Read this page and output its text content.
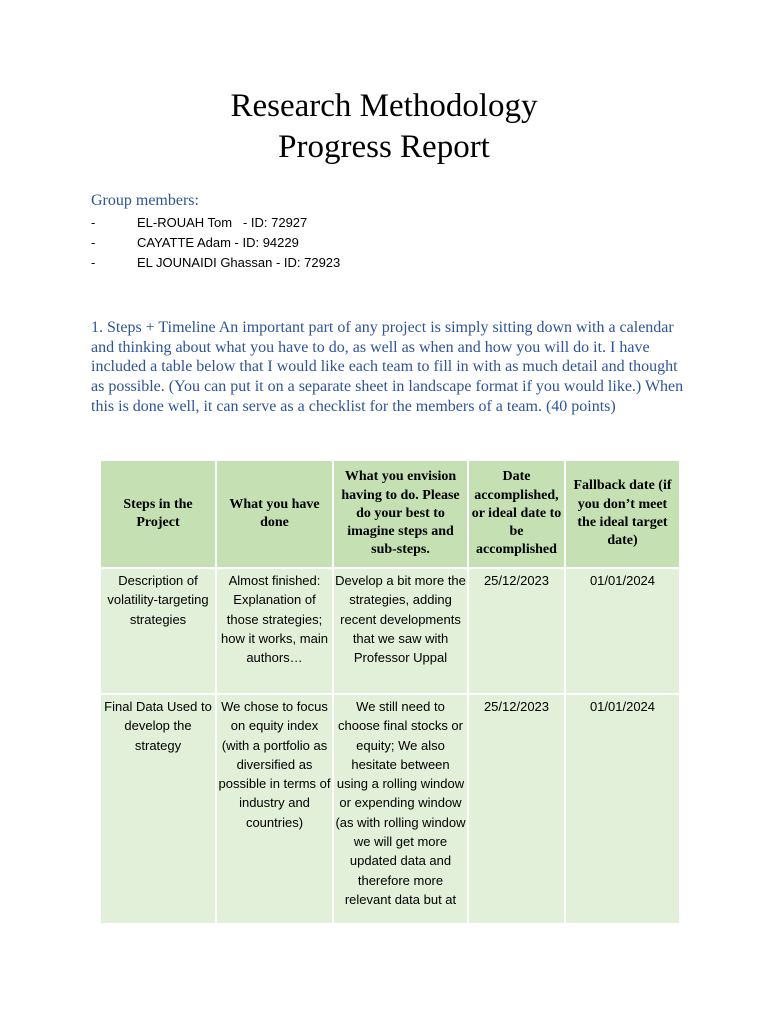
Research Methodology
Progress Report
Group members:
-	EL-ROUAH Tom   - ID: 72927
-	CAYATTE Adam - ID: 94229
-	EL JOUNAIDI Ghassan - ID: 72923

1. Steps + Timeline An important part of any project is simply sitting down with a calendar and thinking about what you have to do, as well as when and how you will do it. I have included a table below that I would like each team to fill in with as much detail and thought as possible. (You can put it on a separate sheet in landscape format if you would like.) When this is done well, it can serve as a checklist for the members of a team. (40 points)

Steps in the Project	What you have done	What you envision having to do. Please do your best to imagine steps and sub-steps.	Date accomplished, or ideal date to be accomplished	Fallback date (if you don’t meet the ideal target date)
Description of volatility-targeting strategies	Almost finished: Explanation of those strategies; how it works, main authors…	Develop a bit more the strategies, adding recent developments that we saw with Professor Uppal	25/12/2023	01/01/2024
Final Data Used to develop the strategy	We chose to focus on equity index (with a portfolio as diversified as possible in terms of industry and countries)	We still need to choose final stocks or equity; We also hesitate between using a rolling window or expending window (as with rolling window we will get more updated data and therefore more relevant data but at	25/12/2023	01/01/2024
